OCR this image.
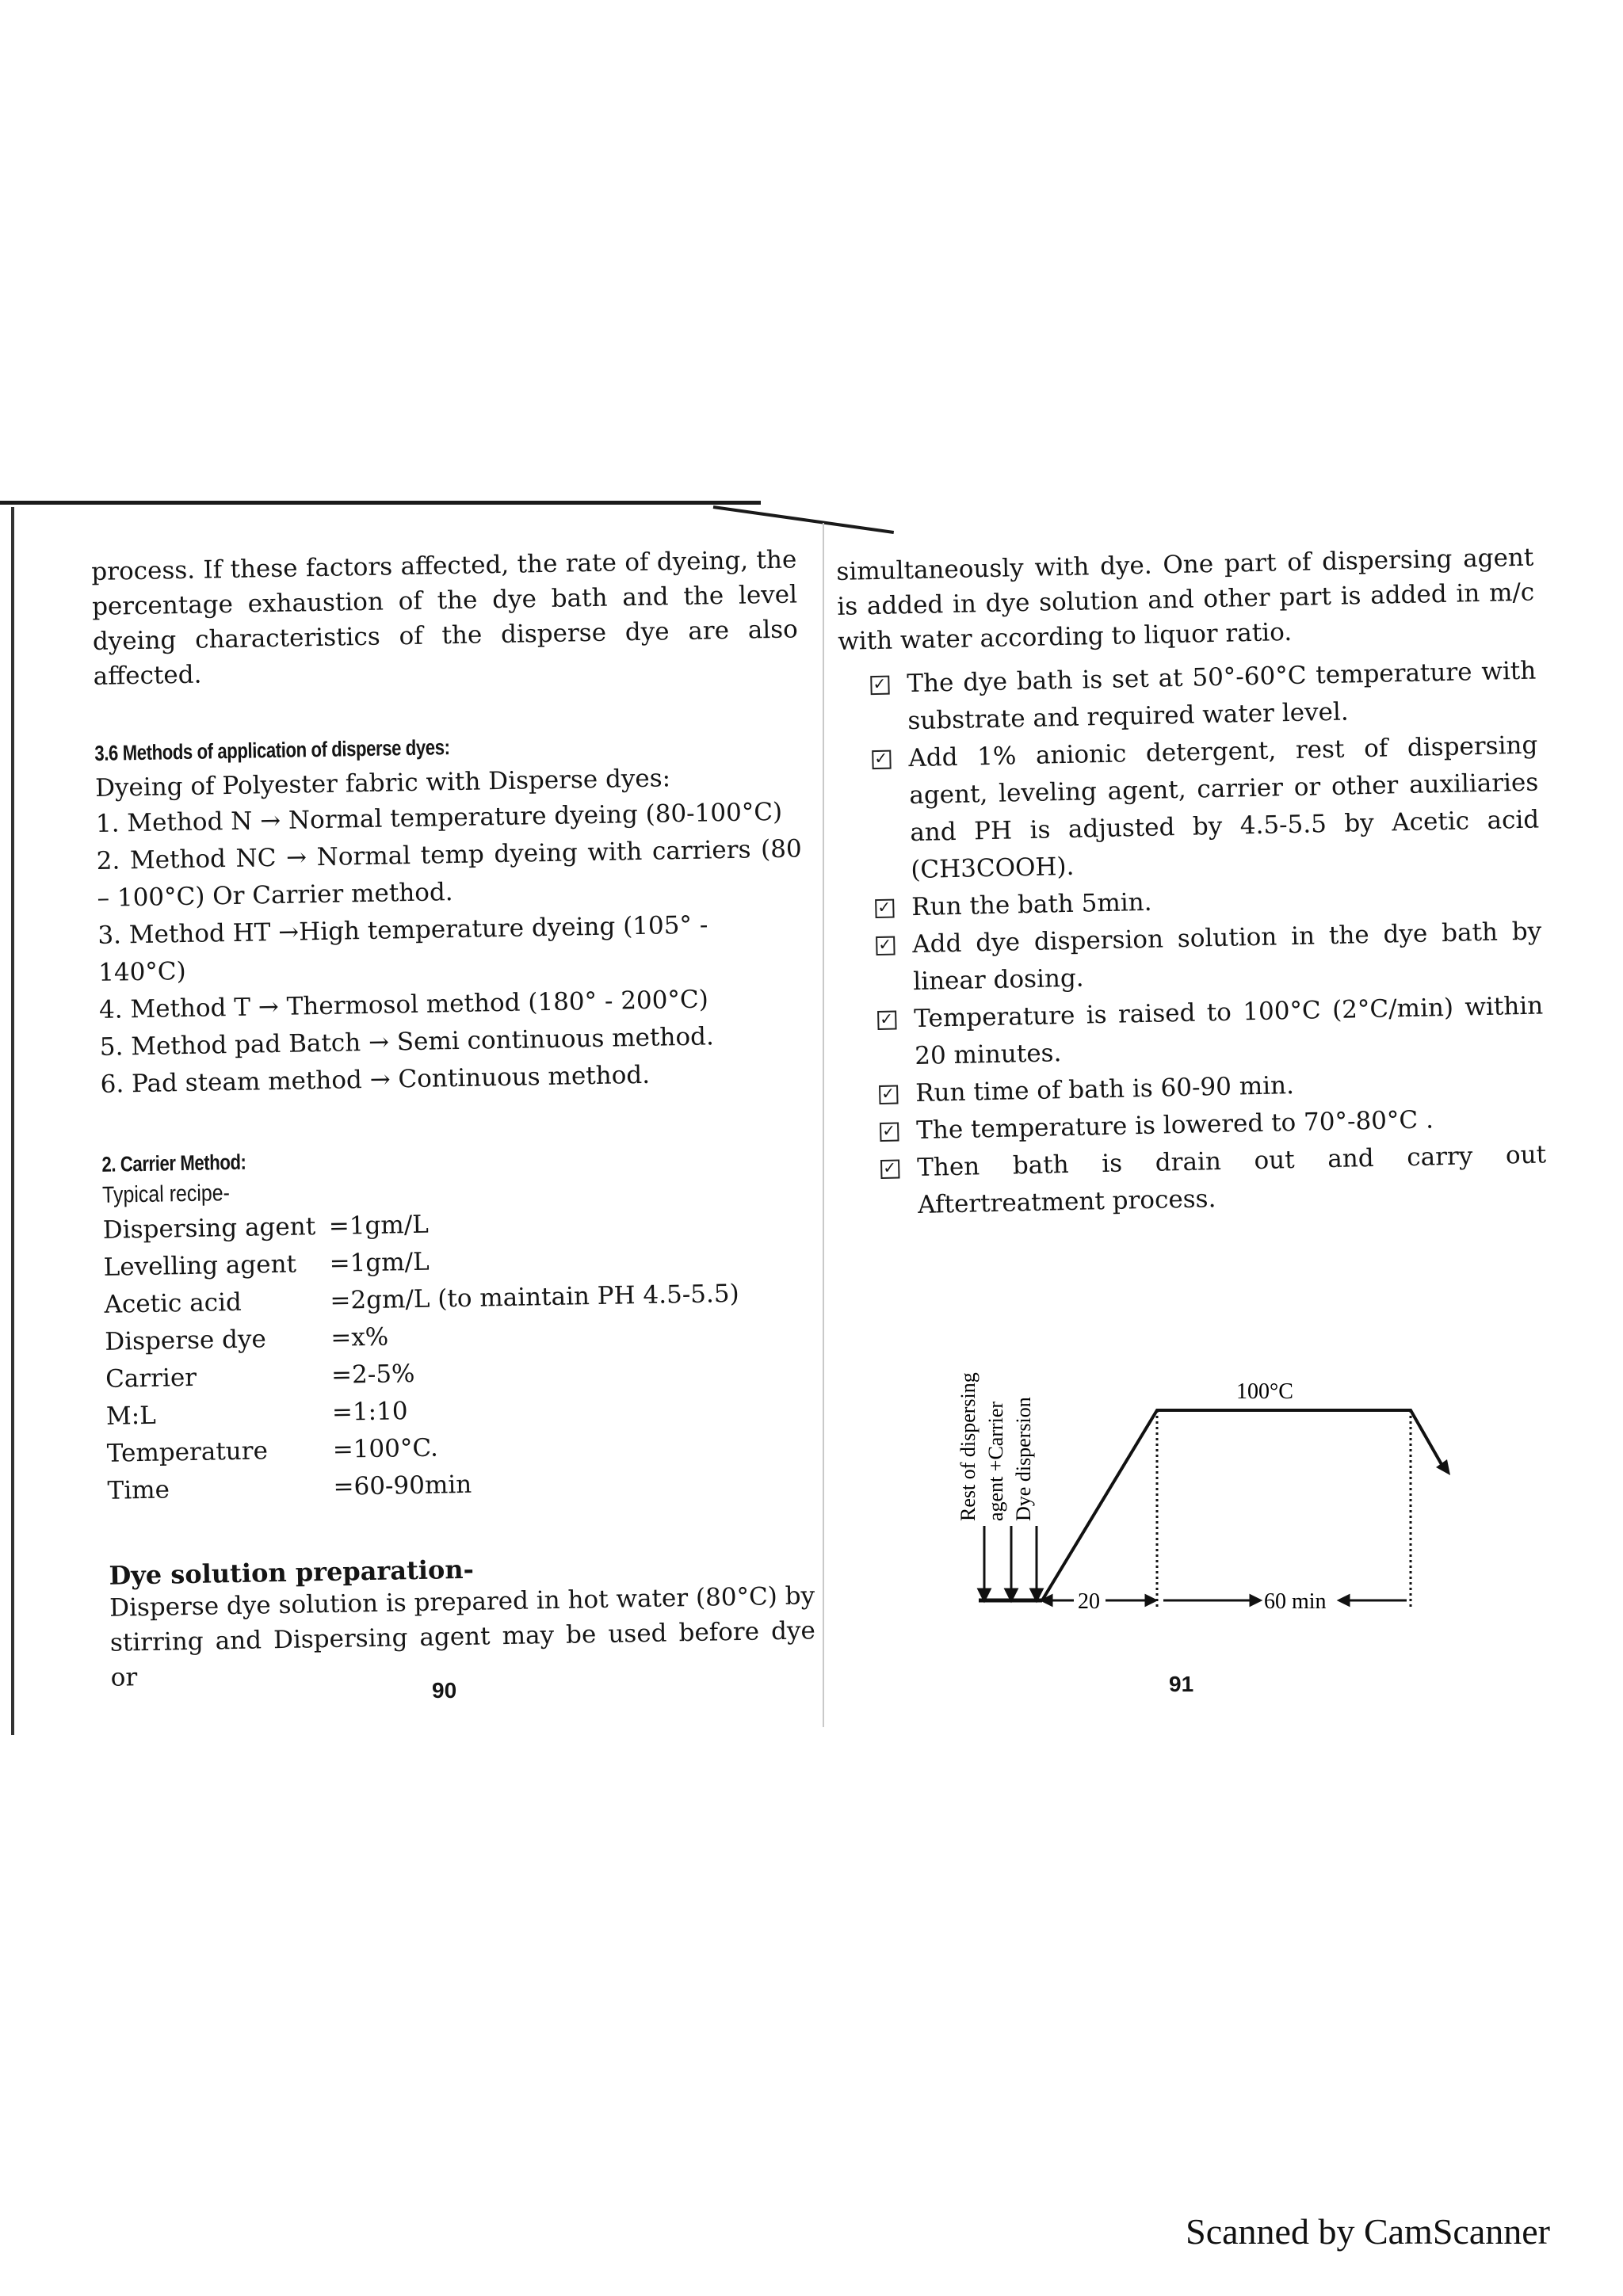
process. If these factors affected, the rate of dyeing, the percentage exhaustion of the dye bath and the level dyeing characteristics of the disperse dye are also affected.

3.6 Methods of application of disperse dyes:

Dyeing of Polyester fabric with Disperse dyes:

1. Method N → Normal temperature dyeing (80-100°C)
2. Method NC → Normal temp dyeing with carriers (80 – 100°C) Or Carrier method.
3. Method HT →High temperature dyeing (105° - 140°C)
4. Method T → Thermosol method (180° - 200°C)
5. Method pad Batch → Semi continuous method.
6. Pad steam method → Continuous method.
2. Carrier Method:
Typical recipe-
Dispersing agent =1gm/L
Levelling agent	=1gm/L
Acetic acid	=2gm/L (to maintain PH 4.5-5.5)
Disperse dye	=x%
Carrier	=2-5%
M:L	=1:10
Temperature	=100°C.
Time	=60-90min
Dye solution preparation-

Disperse dye solution is prepared in hot water (80°C) by stirring and Dispersing agent may be used before dye or	90

simultaneously with dye. One part of dispersing agent is added in dye solution and other part is added in m/c with water according to liquor ratio.

✓
The dye bath is set at 50°-60°C temperature with substrate and required water level.
✓
Add 1% anionic detergent, rest of dispersing agent, leveling agent, carrier or other auxiliaries and PH is adjusted by 4.5-5.5 by Acetic acid (CH3COOH).
✓
Run the bath 5min.
✓
Add dye dispersion solution in the dye bath by linear dosing.
✓
Temperature is raised to 100°C (2°C/min) within 20 minutes.
✓
Run time of bath is 60-90 min.
✓
The temperature is lowered to 70°-80°C .
✓
Then bath is drain out and carry out Aftertreatment process.
Rest of dispersing agent +Carrier Dye dispersion
100°C
20	60 min
91
Scanned by CamScanner
